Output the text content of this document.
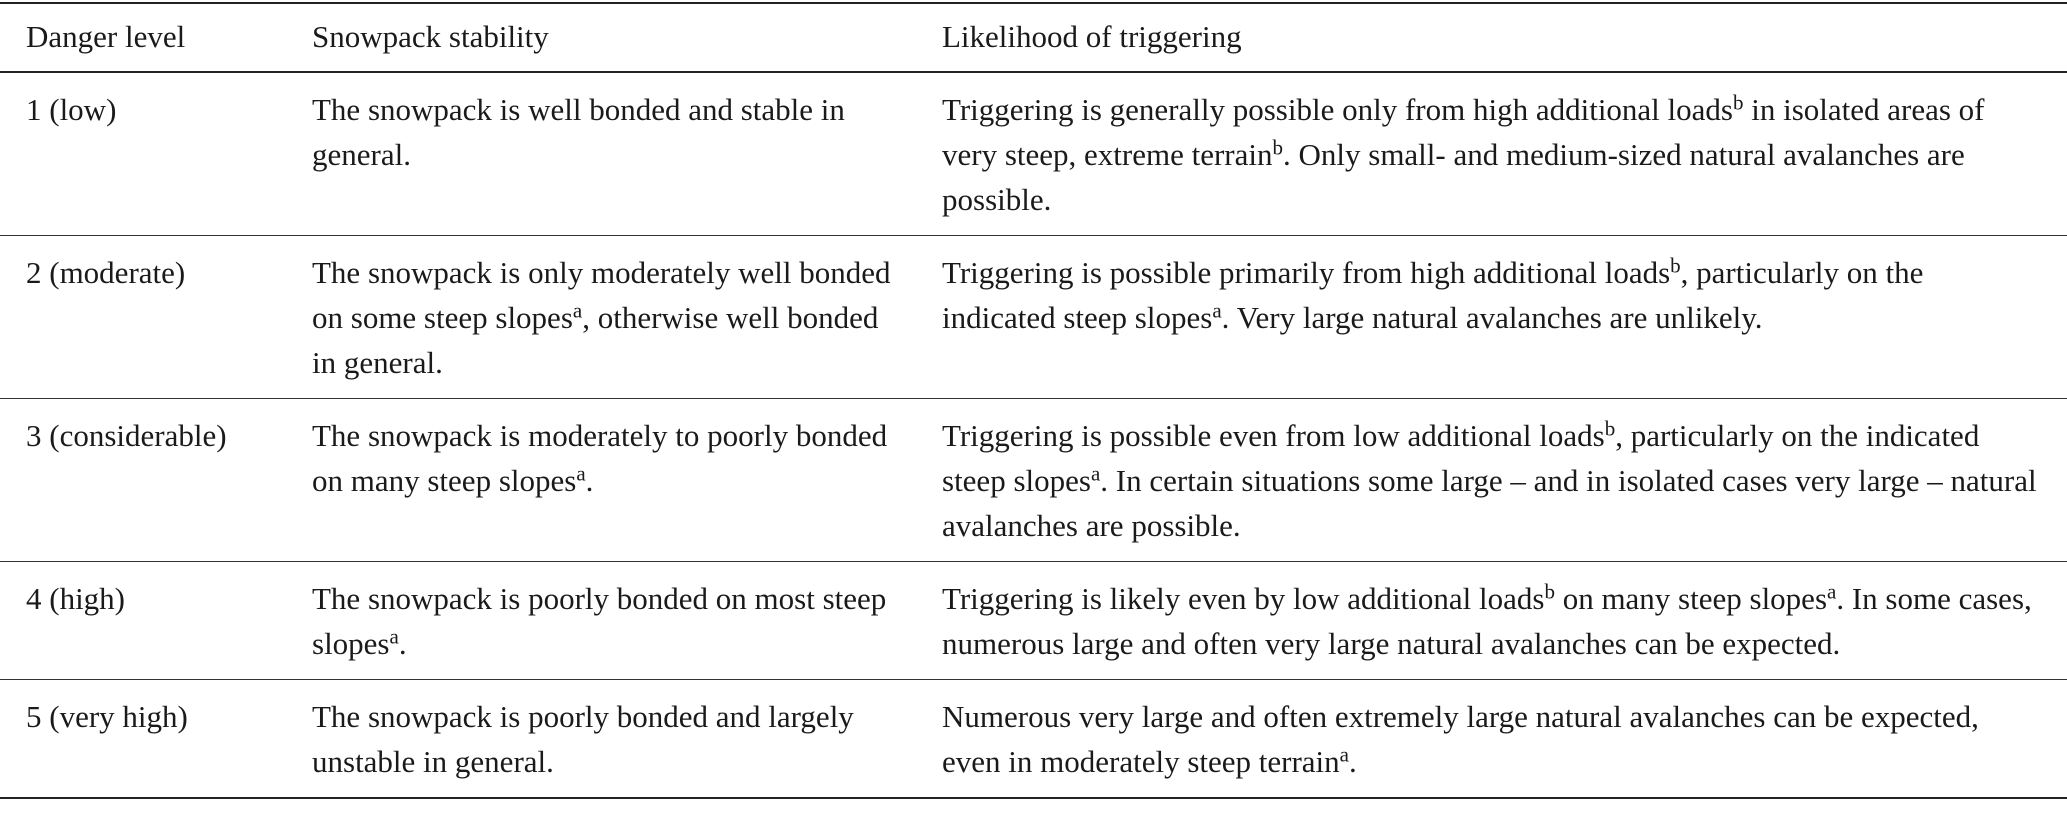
Danger level	Snowpack stability	Likelihood of triggering
1 (low)	The snowpack is well bonded and stable in general.	Triggering is generally possible only from high additional loads$^b$ in isolated areas of very steep, extreme terrain$^b$. Only small- and medium-sized natural avalanches are possible.
2 (moderate)	The snowpack is only moderately well bonded on some steep slopes$^a$, otherwise well bonded in general.	Triggering is possible primarily from high additional loads$^b$, particularly on the indicated steep slopes$^a$. Very large natural avalanches are unlikely.
3 (considerable)	The snowpack is moderately to poorly bonded on many steep slopes$^a$.	Triggering is possible even from low additional loads$^b$, particularly on the indicated steep slopes$^a$. In certain situations some large – and in isolated cases very large – natural avalanches are possible.
4 (high)	The snowpack is poorly bonded on most steep slopes$^a$.	Triggering is likely even by low additional loads$^b$ on many steep slopes$^a$. In some cases, numerous large and often very large natural avalanches can be expected.
5 (very high)	The snowpack is poorly bonded and largely unstable in general.	Numerous very large and often extremely large natural avalanches can be expected, even in moderately steep terrain$^a$.
